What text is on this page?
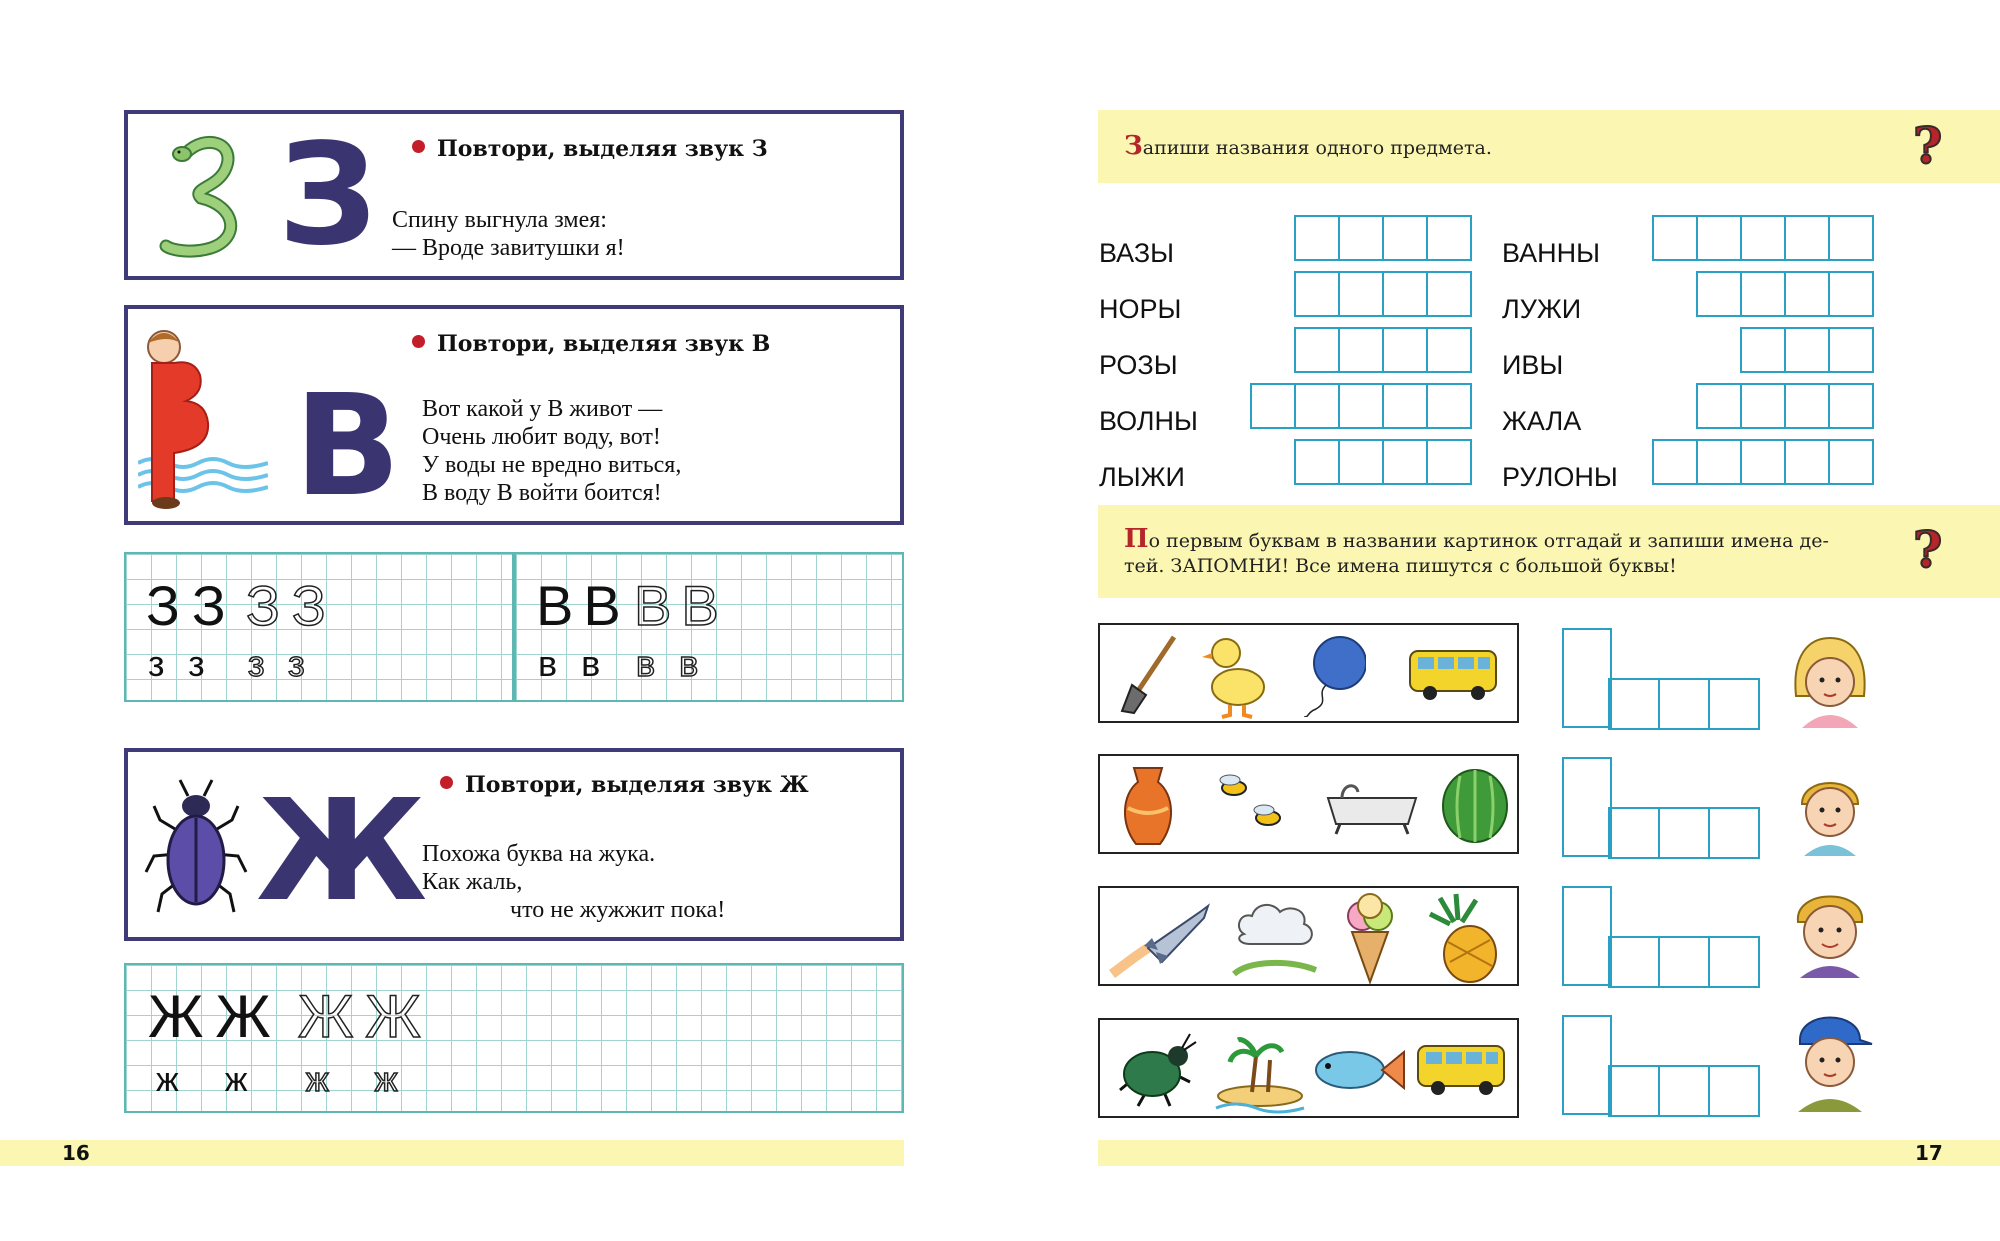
З	Повтори, выделяя звук З
Спину выгнула змея:
— Вроде завитушки я!
В
Повтори, выделяя звук В
Вот какой у В живот —
Очень любит воду, вот!
У воды не вредно виться,
В воду В войти боится!
ЗЗ ЗЗ
зз зз
ВВ ВВ
вв вв
Ж	Повтори, выделяя звук Ж
Похожа буква на жука.
Как жаль,
что не жужжит пока!
ЖЖ ЖЖ
жж жж
16
Запиши названия одного предмета.	?
ВАЗЫ
НОРЫ
РОЗЫ
ВОЛНЫ
ЛЫЖИ
ВАННЫ
ЛУЖИ
ИВЫ
ЖАЛА
РУЛОНЫ
По первым буквам в названии картинок отгадай и запиши имена де-
тей. ЗАПОМНИ! Все имена пишутся с большой буквы!	?
17
